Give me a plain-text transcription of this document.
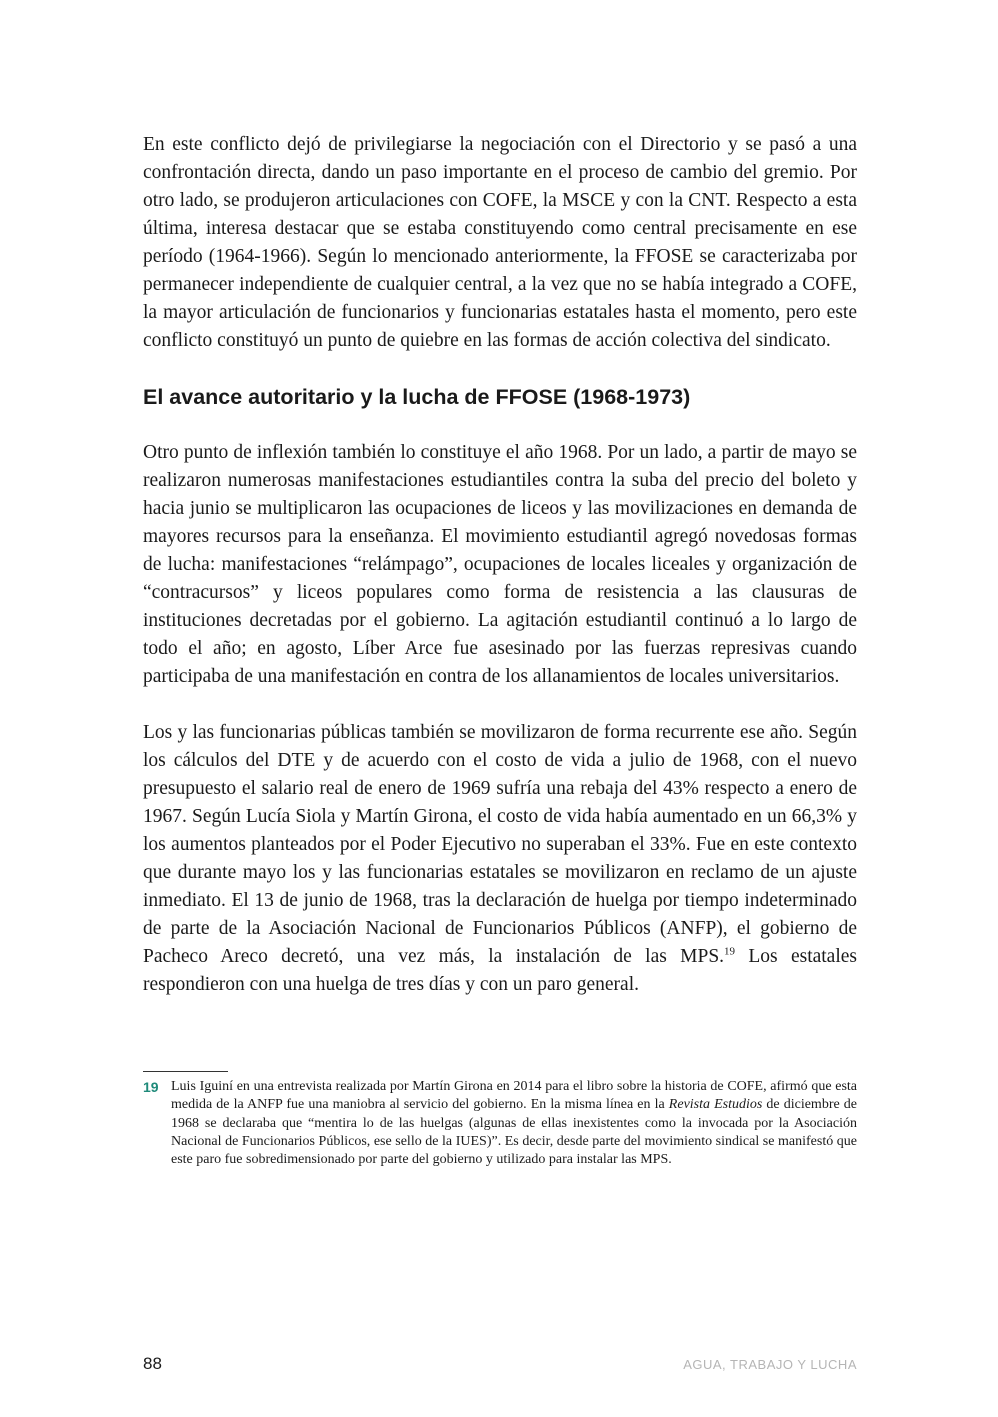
En este conflicto dejó de privilegiarse la negociación con el Directorio y se pasó a una confrontación directa, dando un paso importante en el proceso de cambio del gremio. Por otro lado, se produjeron articulaciones con COFE, la MSCE y con la CNT. Respecto a esta última, interesa destacar que se estaba constituyendo como central precisamente en ese período (1964-1966). Según lo mencionado anteriormente, la FFOSE se caracterizaba por permanecer independiente de cualquier central, a la vez que no se había integrado a COFE, la mayor articulación de funcionarios y funcionarias estatales hasta el momento, pero este conflicto constituyó un punto de quiebre en las formas de acción colectiva del sindicato.

El avance autoritario y la lucha de FFOSE (1968-1973)

Otro punto de inflexión también lo constituye el año 1968. Por un lado, a partir de mayo se realizaron numerosas manifestaciones estudiantiles contra la suba del precio del boleto y hacia junio se multiplicaron las ocupaciones de liceos y las movilizaciones en demanda de mayores recursos para la enseñanza. El movimiento estudiantil agregó novedosas formas de lucha: manifestaciones “relámpago”, ocupaciones de locales liceales y organización de “contracursos” y liceos populares como forma de resistencia a las clausuras de instituciones decretadas por el gobierno. La agitación estudiantil continuó a lo largo de todo el año; en agosto, Líber Arce fue asesinado por las fuerzas represivas cuando participaba de una manifestación en contra de los allanamientos de locales universitarios.

Los y las funcionarias públicas también se movilizaron de forma recurrente ese año. Según los cálculos del DTE y de acuerdo con el costo de vida a julio de 1968, con el nuevo presupuesto el salario real de enero de 1969 sufría una rebaja del 43% respecto a enero de 1967. Según Lucía Siola y Martín Girona, el costo de vida había aumentado en un 66,3% y los aumentos planteados por el Poder Ejecutivo no superaban el 33%. Fue en este contexto que durante mayo los y las funcionarias estatales se movilizaron en reclamo de un ajuste inmediato. El 13 de junio de 1968, tras la declaración de huelga por tiempo indeterminado de parte de la Asociación Nacional de Funcionarios Públicos (ANFP), el gobierno de Pacheco Areco decretó, una vez más, la instalación de las MPS.$^{19}$ Los estatales respondieron con una huelga de tres días y con un paro general.

19 Luis Iguiní en una entrevista realizada por Martín Girona en 2014 para el libro sobre la historia de COFE, afirmó que esta medida de la ANFP fue una maniobra al servicio del gobierno. En la misma línea en la Revista Estudios de diciembre de 1968 se declaraba que “mentira lo de las huelgas (algunas de ellas inexistentes como la invocada por la Asociación Nacional de Funcionarios Públicos, ese sello de la IUES)”. Es decir, desde parte del movimiento sindical se manifestó que este paro fue sobredimensionado por parte del gobierno y utilizado para instalar las MPS.
88	AGUA, TRABAJO Y LUCHA
